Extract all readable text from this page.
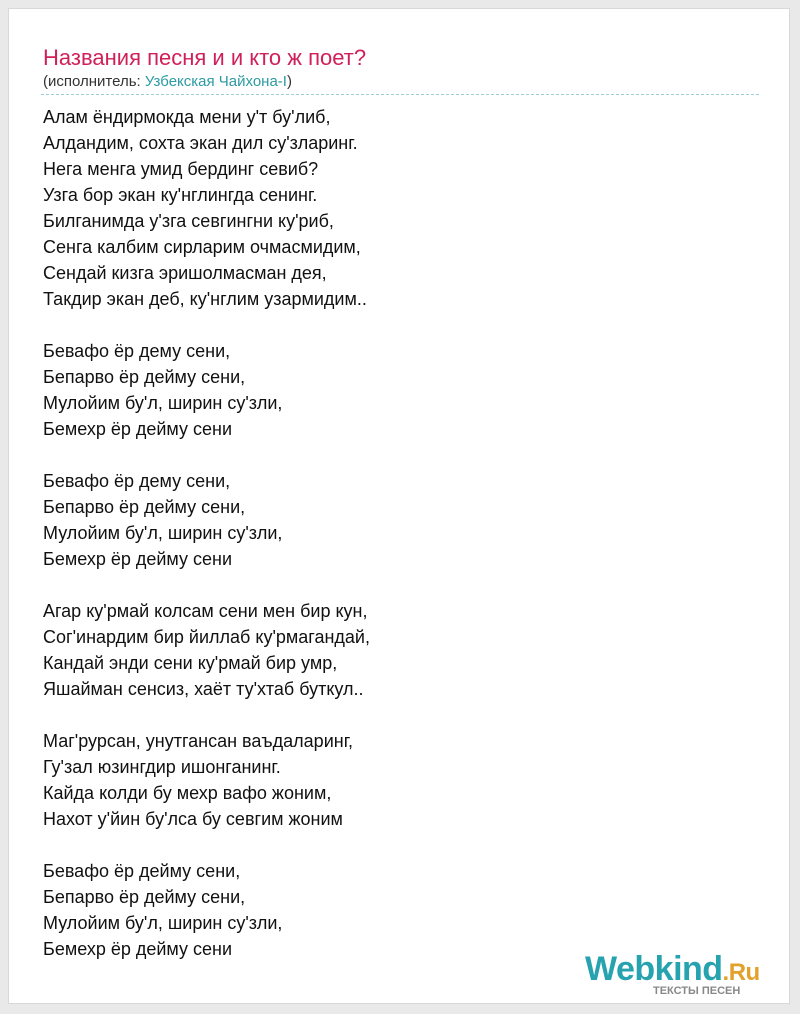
Названия песня и и кто ж поет?
(исполнитель: Узбекская Чайхона-I)
Алам ёндирмокда мени у'т бу'либ,
Алдандим, сохта экан дил су'зларинг.
Нега менга умид бердинг севиб?
Узга бор экан ку'нглингда сенинг.
Билганимда у'зга севгингни ку'риб,
Сенга калбим сирларим очмасмидим,
Сендай кизга эришолмасман дея,
Такдир экан деб, ку'нглим узармидим..
Бевафо ёр дему сени,
Бепарво ёр дейму сени,
Мулойим бу'л, ширин су'зли,
Бемехр ёр дейму сени
Бевафо ёр дему сени,
Бепарво ёр дейму сени,
Мулойим бу'л, ширин су'зли,
Бемехр ёр дейму сени
Агар ку'рмай колсам сени мен бир кун,
Сог'инардим бир йиллаб ку'рмагандай,
Кандай энди сени ку'рмай бир умр,
Яшайман сенсиз, хаёт ту'хтаб буткул..
Маг'рурсан, унутгансан ваъдаларинг,
Гу'зал юзингдир ишонганинг.
Кайда колди бу мехр вафо жоним,
Нахот у'йин бу'лса бу севгим жоним
Бевафо ёр дейму сени,
Бепарво ёр дейму сени,
Мулойим бу'л, ширин су'зли,
Бемехр ёр дейму сени
Webkind.Ru
ТЕКСТЫ ПЕСЕН
